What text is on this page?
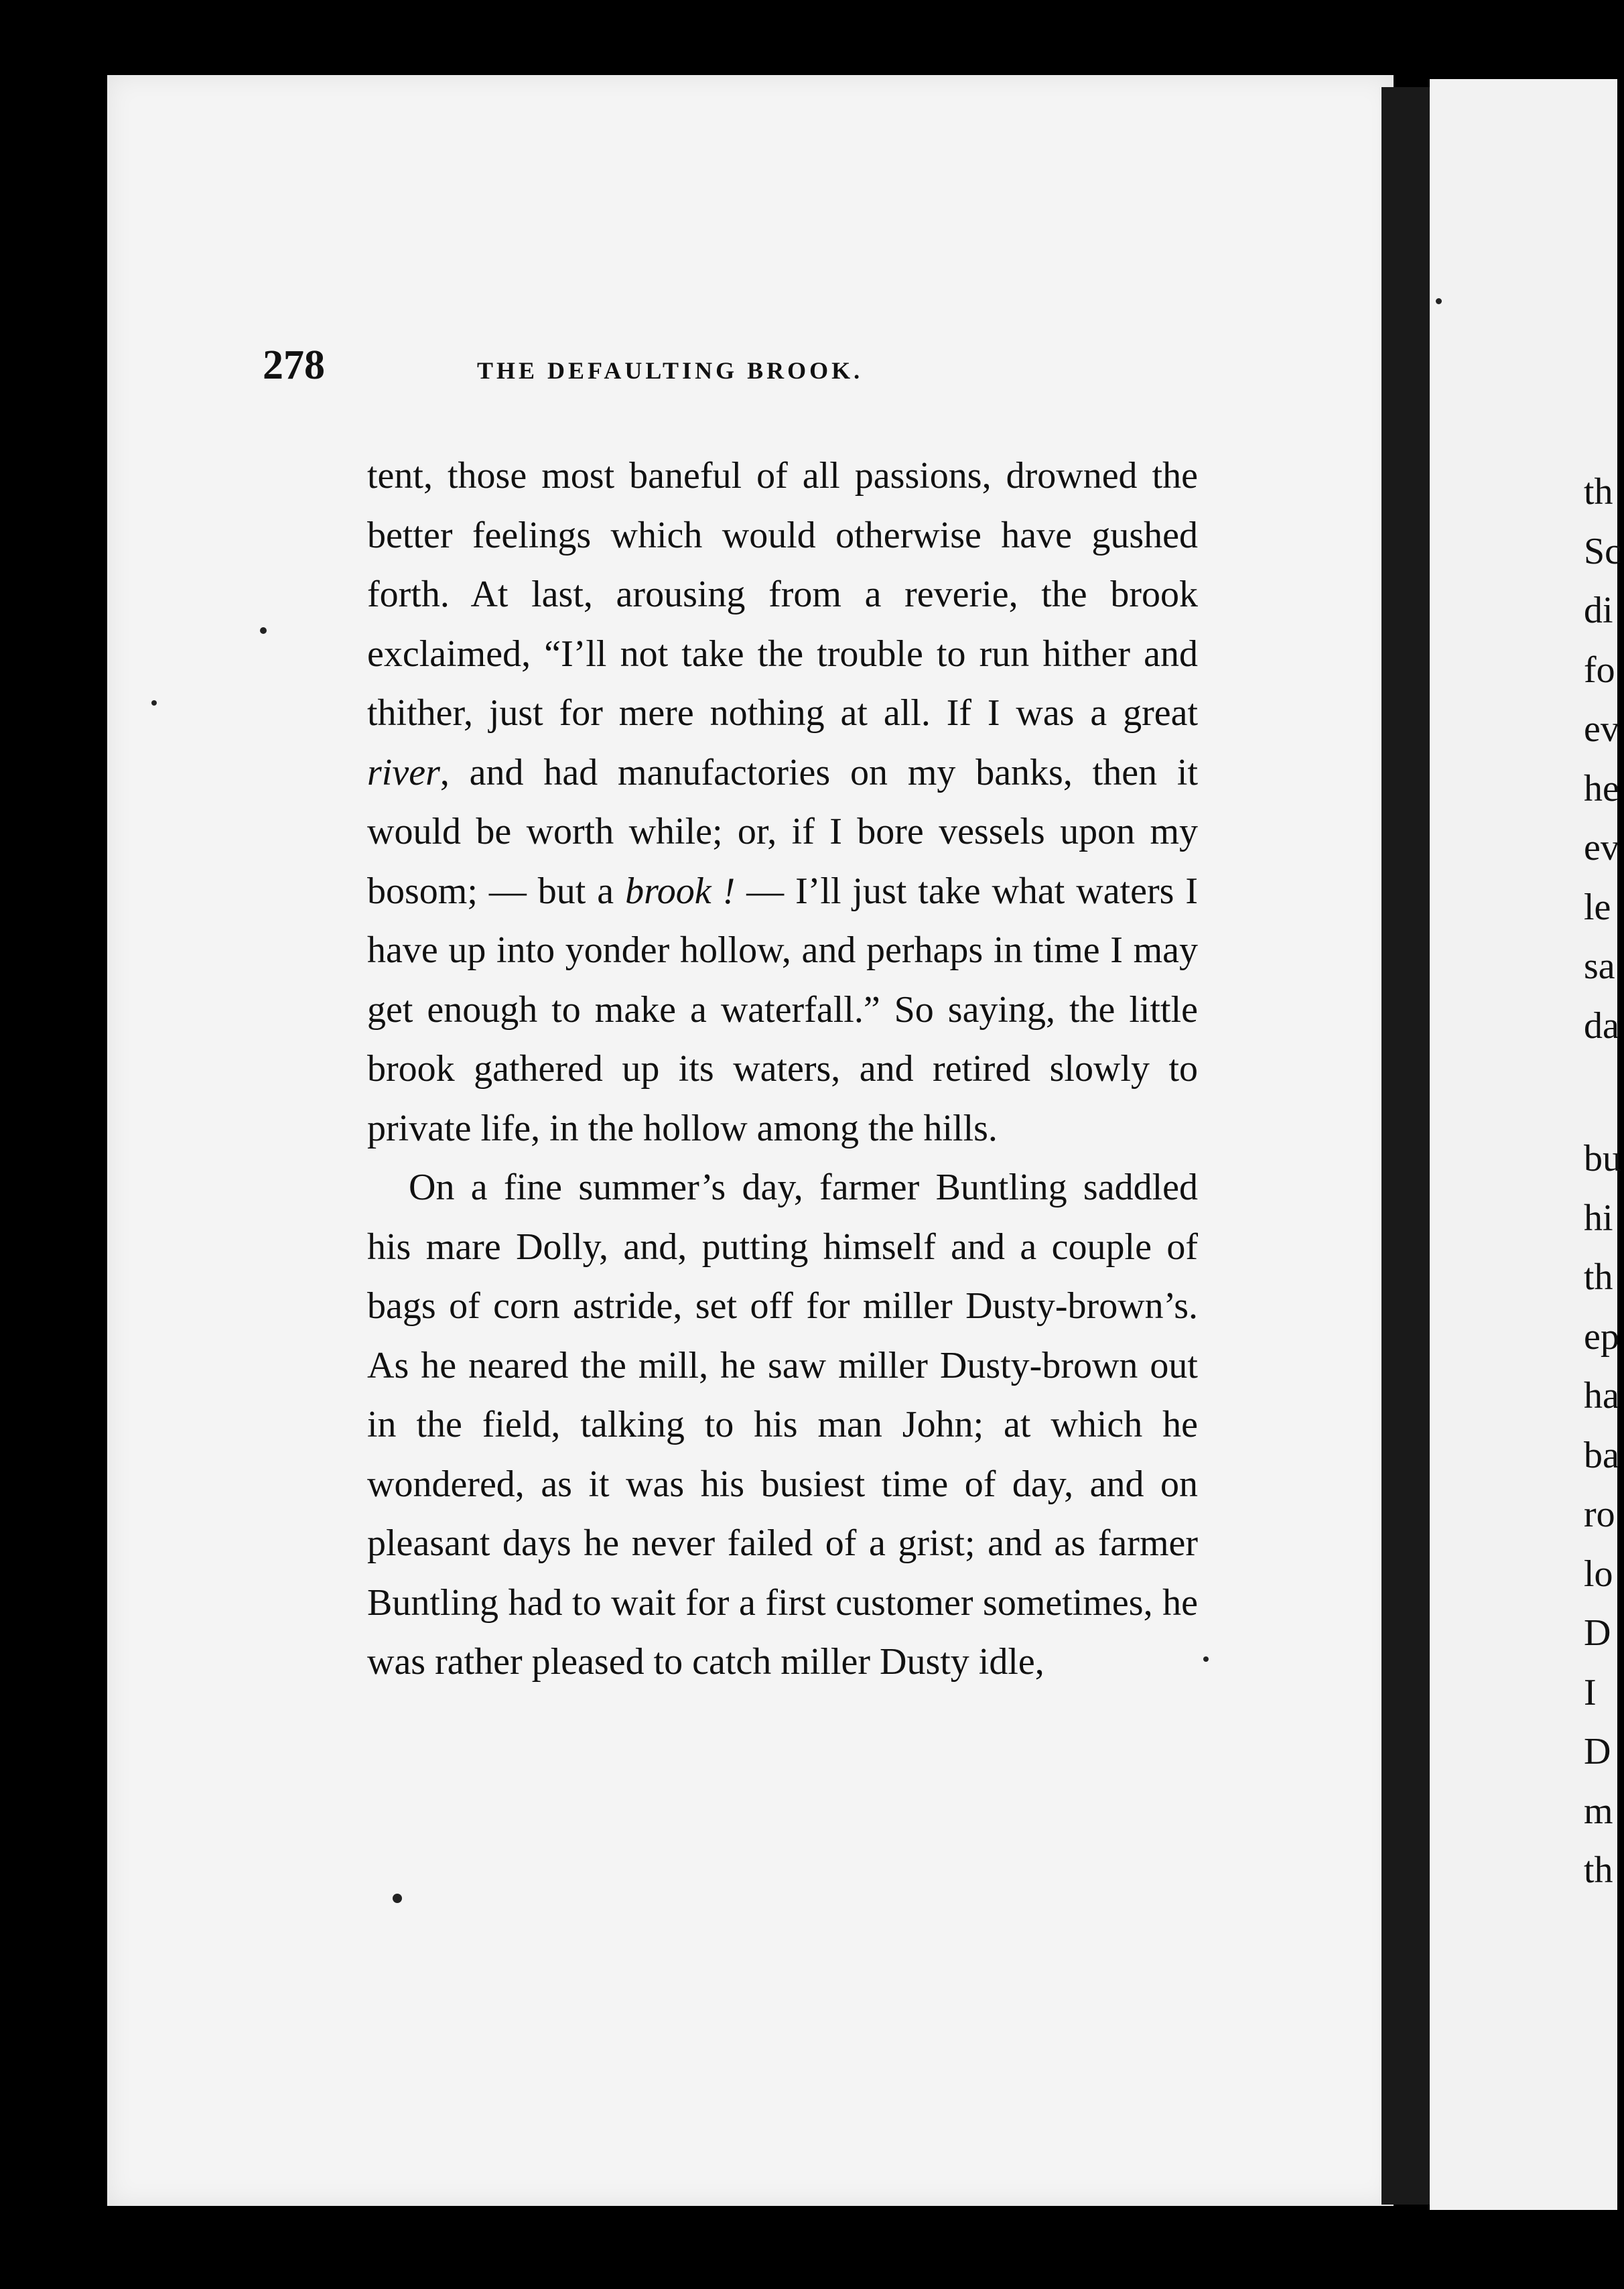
278	THE DEFAULTING BROOK.

tent, those most baneful of all passions, drowned the better feelings which would otherwise have gushed forth. At last, arousing from a reverie, the brook exclaimed, “I’ll not take the trouble to run hither and thither, just for mere nothing at all. If I was a great river, and had manufactories on my banks, then it would be worth while; or, if I bore vessels upon my bosom; — but a brook ! — I’ll just take what waters I have up into yonder hollow, and perhaps in time I may get enough to make a waterfall.” So saying, the little brook gathered up its waters, and retired slowly to private life, in the hollow among the hills.

On a fine summer’s day, farmer Buntling saddled his mare Dolly, and, putting himself and a couple of bags of corn astride, set off for miller Dusty-brown’s. As he neared the mill, he saw miller Dusty-brown out in the field, talking to his man John; at which he wondered, as it was his busiest time of day, and on pleasant days he never failed of a grist; and as farmer Buntling had to wait for a first customer sometimes, he was rather pleased to catch miller Dusty idle,

th
Sc
di
fo
ev
he
ev
le
sa
da
bu
hi
th
ep
ha
ba
ro
lo
D
I
D
m
th
